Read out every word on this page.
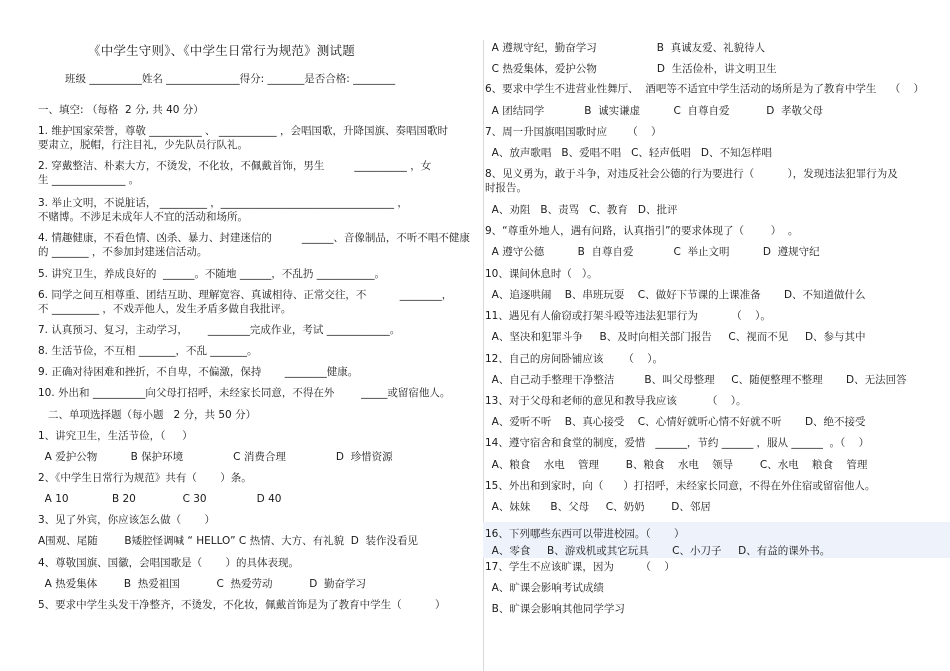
《中学生守则》、《中学生日常行为规范》测试题
班级 __________姓名 ______________得分: _______是否合格: ________
一、填空: （每格  2 分, 共 40 分）
1. 维护国家荣誉，尊敬 __________ 、 ___________ ，会唱国歌，升降国旗、奏唱国歌时
要肃立，脱帽，行注目礼，少先队员行队礼。
2. 穿戴整洁、朴素大方，不烫发，不化妆，不佩戴首饰，男生         __________ ，女
生 ______________ 。
3. 举止文明，不说脏话， _________ ，_________________________________ ，
不赌博。不涉足未成年人不宜的活动和场所。
4. 情趣健康，不看色情、凶杀、暴力、封建迷信的         ______、音像制品，不听不唱不健康
的 _______ ，不参加封建迷信活动。
5. 讲究卫生，养成良好的  ______。不随地 ______，不乱扔 ___________。
6. 同学之间互相尊重、团结互助、理解宽容、真诚相待、正常交往，不          ________，
不 _________ ，不戏弄他人，发生矛盾多做自我批评。
7. 认真预习、复习，主动学习，      ________完成作业，考试 ____________。
8. 生活节俭，不互相 _______，不乱 _______。
9. 正确对待困难和挫折，不自卑，不偏激，保持       ________健康。
10. 外出和 __________向父母打招呼，未经家长同意，不得在外        _____或留宿他人。
二、单项选择题（每小题   2 分，共 50 分）
1、讲究卫生，生活节俭，（     ）
A 爱护公物          B 保护环境               C 消费合理               D  珍惜资源
2、《中学生日常行为规范》共有（       ）条。
A 10             B 20              C 30               D 40
3、见了外宾，你应该怎么做（       ）
A围观、尾随        B矮腔怪调喊 “ HELLO” C 热情、大方、有礼貌  D  装作没看见
4、尊敬国旗、国徽，会唱国歌是（       ）的具体表现。
A 热爱集体        B  热爱祖国           C  热爱劳动           D  勤奋学习
5、要求中学生头发干净整齐，不烫发，不化妆，佩戴首饰是为了教育中学生（          ）
A 遵规守纪，勤奋学习                  B  真诚友爱、礼貌待人
C 热爱集体，爱护公物                  D  生活俭朴，讲文明卫生
6、要求中学生不进营业性舞厅、  酒吧等不适宜中学生活动的场所是为了教育中学生    （    ）
A 团结同学            B  诚实谦虚          C  自尊自爱           D  孝敬父母
7、周一升国旗唱国歌时应      （    ）
A、放声歌唱   B、爱唱不唱   C、轻声低唱   D、不知怎样唱
8、见义勇为，敢于斗争，对违反社会公德的行为要进行（          ），发现违法犯罪行为及
时报告。
A、劝阻   B、责骂   C、教育   D、批评
9、“尊重外地人，遇有问路，认真指引”的要求体现了（        ）  。
A 遵守公德          B  自尊自爱            C  举止文明          D  遵规守纪
10、课间休息时（   ）。
A、追逐哄闹    B、串班玩耍    C、做好下节课的上课准备       D、不知道做什么
11、遇见有人偷窃或打架斗殴等违法犯罪行为          （    ）。
A、坚决和犯罪斗争     B、及时向相关部门报告     C、视而不见     D、参与其中
12、自己的房间卧铺应该      （    ）。
A、自己动手整理干净整洁         B、叫父母整理     C、随便整理不整理       D、无法回答
13、对于父母和老师的意见和教导我应该         （    ）。
A、爱听不听    B、真心接受    C、心情好就听心情不好就不听       D、绝不接受
14、遵守宿舍和食堂的制度，爱惜   ______，节约 ______ ，服从 ______  。（    ）
A、粮食    水电    管理        B、粮食    水电    领导        C、水电    粮食    管理
15、外出和到家时，向（      ）打招呼，未经家长同意，不得在外住宿或留宿他人。
A、妹妹      B、父母     C、奶奶        D、邻居
16、下列哪些东西可以带进校园。（       ）
A、零食     B、游戏机或其它玩具       C、小刀子     D、有益的课外书。
17、学生不应该旷课，因为        （    ）
A、旷课会影响考试成绩
B、旷课会影响其他同学学习
